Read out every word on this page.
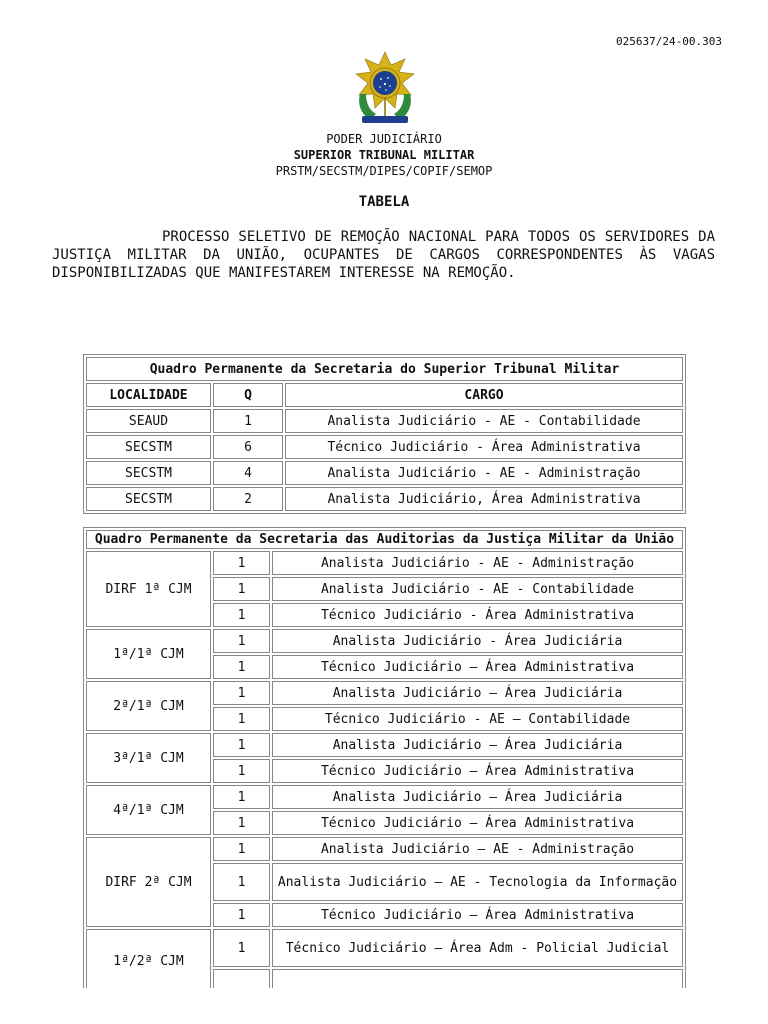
025637/24-00.303
PODER JUDICIÁRIO
SUPERIOR TRIBUNAL MILITAR
PRSTM/SECSTM/DIPES/COPIF/SEMOP
TABELA

PROCESSO SELETIVO DE REMOÇÃO NACIONAL PARA TODOS OS SERVIDORES DA JUSTIÇA MILITAR DA UNIÃO, OCUPANTES DE CARGOS CORRESPONDENTES ÀS VAGAS DISPONIBILIZADAS QUE MANIFESTAREM INTERESSE NA REMOÇÃO.

Quadro Permanente da Secretaria do Superior Tribunal Militar		
LOCALIDADE	Q	CARGO
SEAUD	1	Analista Judiciário - AE - Contabilidade
SECSTM	6	Técnico Judiciário - Área Administrativa
SECSTM	4	Analista Judiciário - AE - Administração
SECSTM	2	Analista Judiciário, Área Administrativa
Quadro Permanente da Secretaria das Auditorias da Justiça Militar da União		
DIRF 1ª CJM	1	Analista Judiciário - AE - Administração
	1	Analista Judiciário - AE - Contabilidade
	1	Técnico Judiciário - Área Administrativa
1ª/1ª CJM	1	Analista Judiciário - Área Judiciária
	1	Técnico Judiciário – Área Administrativa
2ª/1ª CJM	1	Analista Judiciário – Área Judiciária
	1	Técnico Judiciário - AE – Contabilidade
3ª/1ª CJM	1	Analista Judiciário – Área Judiciária
	1	Técnico Judiciário – Área Administrativa
4ª/1ª CJM	1	Analista Judiciário – Área Judiciária
	1	Técnico Judiciário – Área Administrativa
DIRF 2ª CJM	1	Analista Judiciário – AE - Administração
	1	Analista Judiciário – AE - Tecnologia da Informação
	1	Técnico Judiciário – Área Administrativa
1ª/2ª CJM	1	Técnico Judiciário – Área Adm - Policial Judicial
